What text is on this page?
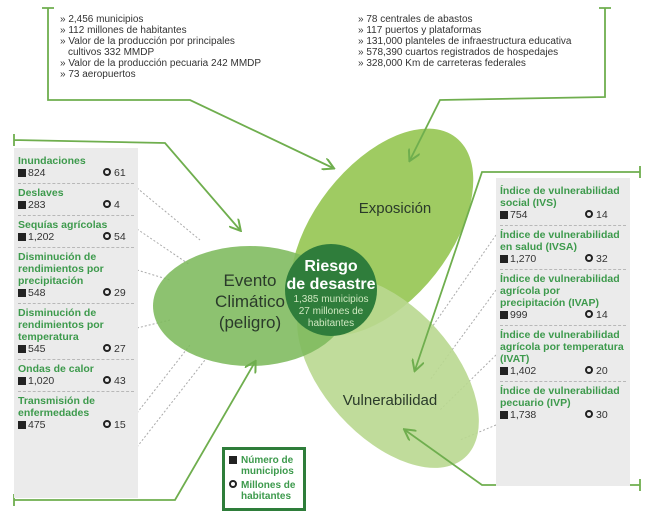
» 2,456 municipios
» 112 millones de habitantes
» Valor de la producción por principales cultivos 332 MMDP
» Valor de la producción pecuaria 242 MMDP
» 73 aeropuertos
» 78 centrales de abastos
» 117 puertos y plataformas
» 131,000 planteles de infraestructura educativa
» 578,390 cuartos registrados de hospedajes
» 328,000 Km de carreteras federales
Inundaciones
824	61
Deslaves
283	4
Sequías agrícolas
1,202	54
Disminución de rendimientos por precipitación
548	29
Disminución de rendimientos por temperatura
545	27
Ondas de calor
1,020	43
Transmisión de enfermedades
475	15
Índice de vulnerabilidad social (IVS)
754	14
Índice de vulnerabilidad en salud (IVSA)
1,270	32
Índice de vulnerabilidad agrícola por precipitación (IVAP)
999	14
Índice de vulnerabilidad agrícola por temperatura (IVAT)
1,402	20
Índice de vulnerabilidad pecuario (IVP)
1,738	30
Evento
Climático
(peligro)
Exposición
Vulnerabilidad
Riesgo
de desastre
1,385 municipios
27 millones de
habitantes
Número de municipios
Millones de habitantes
